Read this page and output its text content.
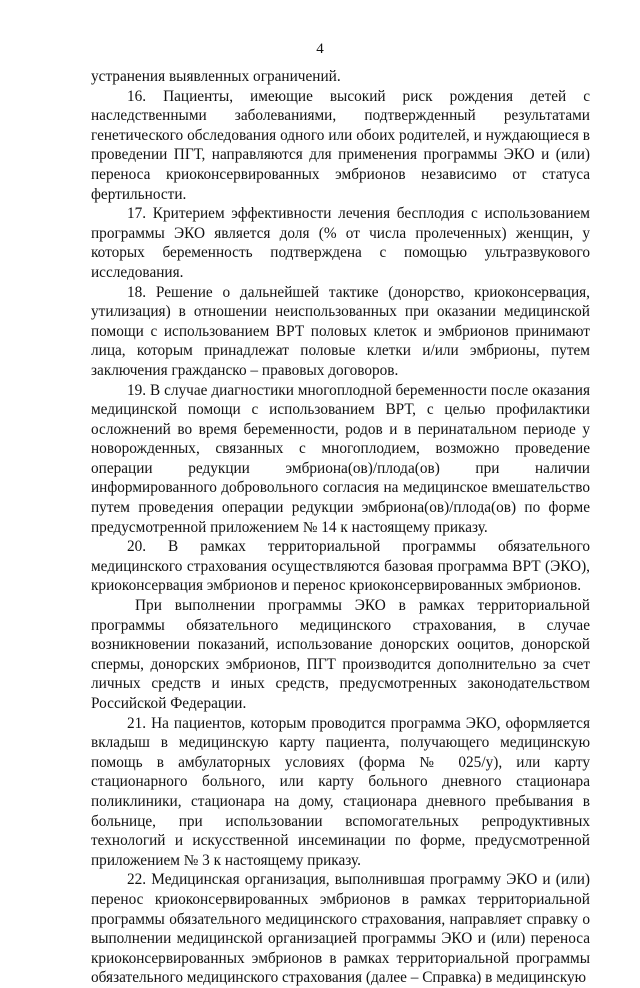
4

устранения выявленных ограничений.

16. Пациенты, имеющие высокий риск рождения детей с наследственными заболеваниями, подтвержденный результатами генетического обследования одного или обоих родителей, и нуждающиеся в проведении ПГТ, направляются для применения программы ЭКО и (или) переноса криоконсервированных эмбрионов независимо от статуса фертильности.

17. Критерием эффективности лечения бесплодия с использованием программы ЭКО является доля (% от числа пролеченных) женщин, у которых беременность подтверждена с помощью ультразвукового исследования.

18. Решение о дальнейшей тактике (донорство, криоконсервация, утилизация) в отношении неиспользованных при оказании медицинской помощи с использованием ВРТ половых клеток и эмбрионов принимают лица, которым принадлежат половые клетки и/или эмбрионы, путем заключения гражданско – правовых договоров.

19. В случае диагностики многоплодной беременности после оказания медицинской помощи с использованием ВРТ, с целью профилактики осложнений во время беременности, родов и в перинатальном периоде у новорожденных, связанных с многоплодием, возможно проведение операции редукции эмбриона(ов)/плода(ов) при наличии информированного добровольного согласия на медицинское вмешательство путем проведения операции редукции эмбриона(ов)/плода(ов) по форме предусмотренной приложением № 14 к настоящему приказу.

20. В рамках территориальной программы обязательного медицинского страхования осуществляются базовая программа ВРТ (ЭКО), криоконсервация эмбрионов и перенос криоконсервированных эмбрионов.

При выполнении программы ЭКО в рамках территориальной программы обязательного медицинского страхования, в случае возникновении показаний, использование донорских ооцитов, донорской спермы, донорских эмбрионов, ПГТ производится дополнительно за счет личных средств и иных средств, предусмотренных законодательством Российской Федерации.

21. На пациентов, которым проводится программа ЭКО, оформляется вкладыш в медицинскую карту пациента, получающего медицинскую помощь в амбулаторных условиях (форма № 025/у), или карту стационарного больного, или карту больного дневного стационара поликлиники, стационара на дому, стационара дневного пребывания в больнице, при использовании вспомогательных репродуктивных технологий и искусственной инсеминации по форме, предусмотренной приложением № 3 к настоящему приказу.

22. Медицинская организация, выполнившая программу ЭКО и (или) перенос криоконсервированных эмбрионов в рамках территориальной программы обязательного медицинского страхования, направляет справку о выполнении медицинской организацией программы ЭКО и (или) переноса криоконсервированных эмбрионов в рамках территориальной программы обязательного медицинского страхования (далее – Справка) в медицинскую
